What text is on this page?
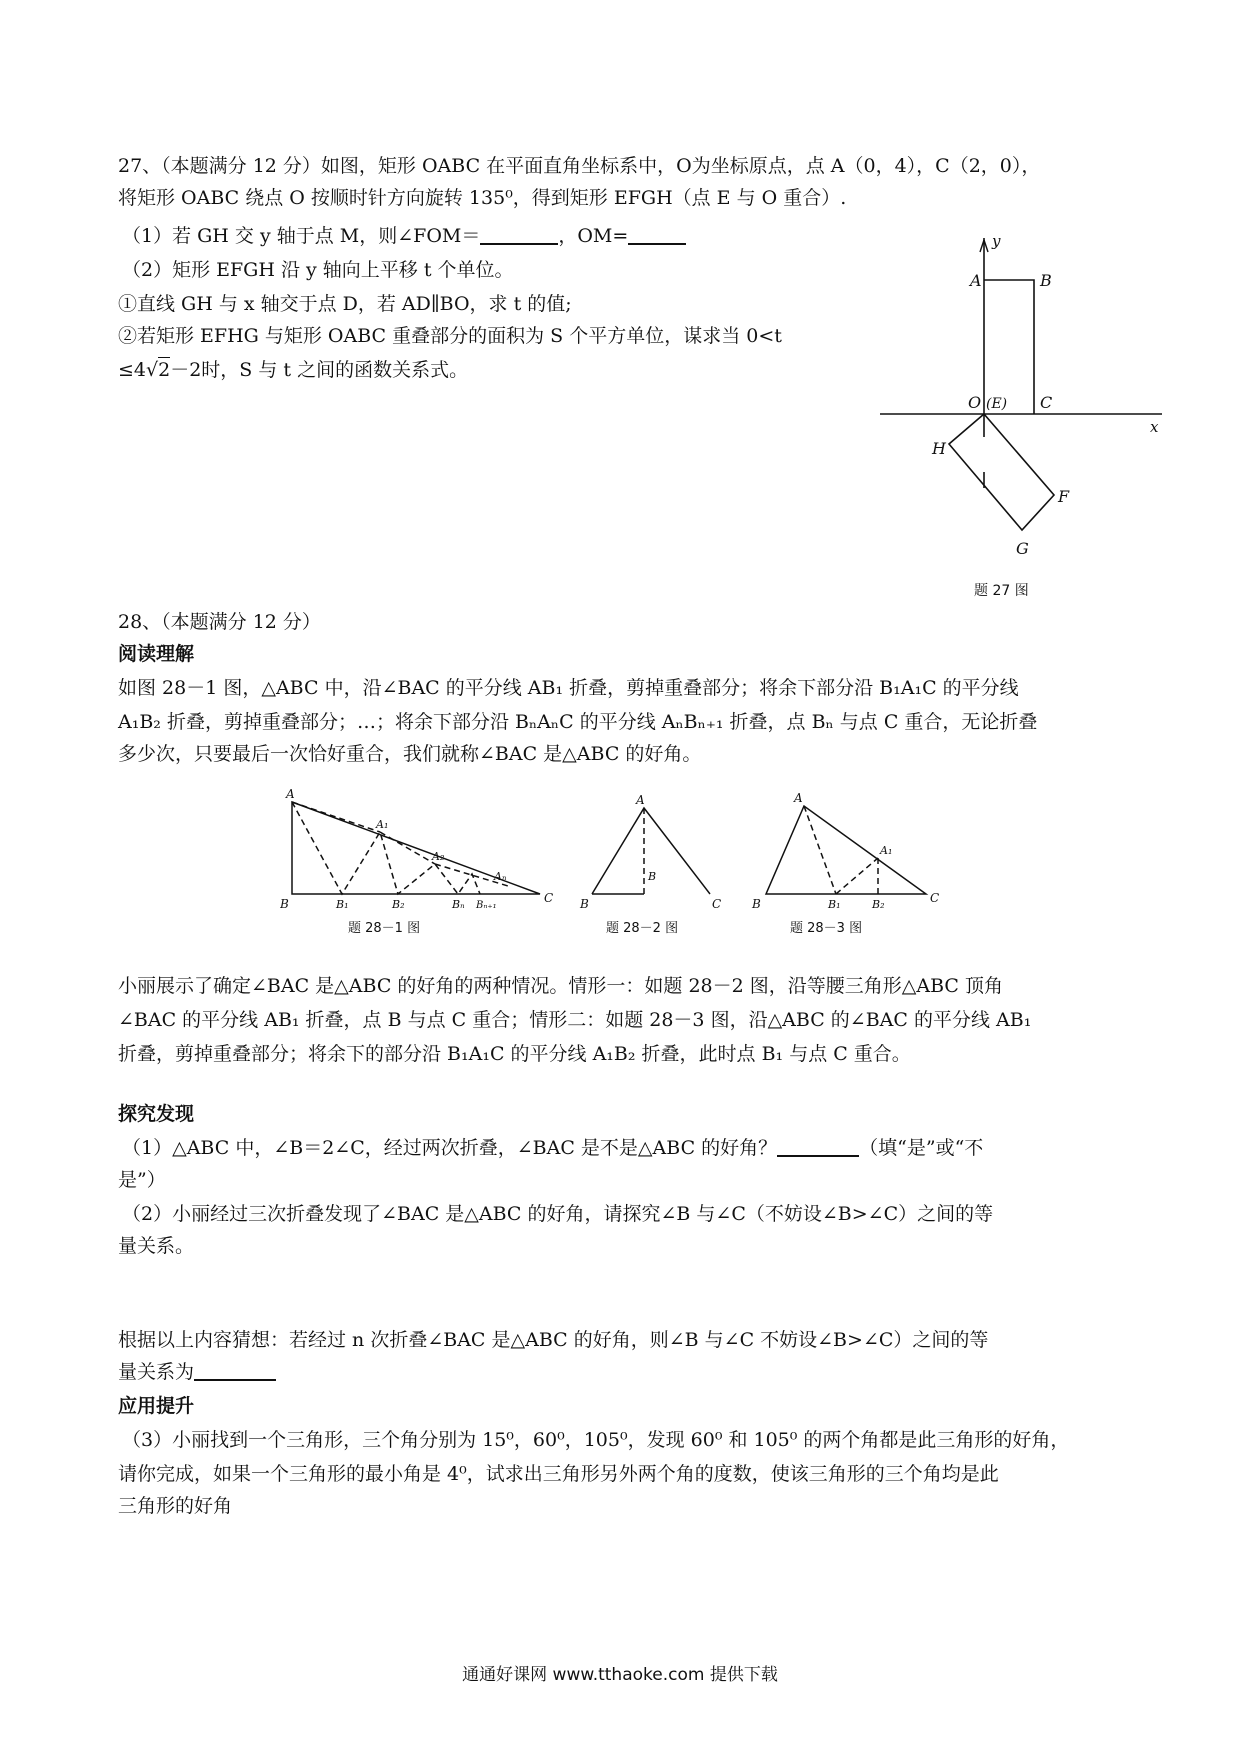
27、（本题满分 12 分）如图，矩形 OABC 在平面直角坐标系中，O为坐标原点，点 A（0，4），C（2，0），
将矩形 OABC 绕点 O 按顺时针方向旋转 135⁰，得到矩形 EFGH（点 E 与 O 重合）.
（1）若 GH 交 y 轴于点 M，则∠FOM＝	，OM=
（2）矩形 EFGH 沿 y 轴向上平移 t 个单位。
①直线 GH 与 x 轴交于点 D，若 AD∥BO，求 t 的值;
②若矩形 EFHG 与矩形 OABC 重叠部分的面积为 S 个平方单位，谋求当 0<t
≤4√2－2时，S 与 t 之间的函数关系式。
y
x
A	B
O (E) C
H
F
G
题 27 图
28、（本题满分 12 分）
阅读理解
如图 28－1 图，△ABC 中，沿∠BAC 的平分线 AB₁ 折叠，剪掉重叠部分；将余下部分沿 B₁A₁C 的平分线
A₁B₂ 折叠，剪掉重叠部分；…；将余下部分沿 BₙAₙC 的平分线 AₙBₙ₊₁ 折叠，点 Bₙ 与点 C 重合，无论折叠
多少次，只要最后一次恰好重合，我们就称∠BAC 是△ABC 的好角。
A
B	C
A₁
A₂
Aₙ
B₁	B₂	Bₙ Bₙ₊₁
题 28－1 图
A
B	C
B
题 28－2 图
A
B	C
A₁
B₁	B₂
题 28－3 图
小丽展示了确定∠BAC 是△ABC 的好角的两种情况。情形一：如题 28－2 图，沿等腰三角形△ABC 顶角
∠BAC 的平分线 AB₁ 折叠，点 B 与点 C 重合；情形二：如题 28－3 图，沿△ABC 的∠BAC 的平分线 AB₁
折叠，剪掉重叠部分；将余下的部分沿 B₁A₁C 的平分线 A₁B₂ 折叠，此时点 B₁ 与点 C 重合。
探究发现
（1）△ABC 中，∠B＝2∠C，经过两次折叠，∠BAC 是不是△ABC 的好角？	（填“是”或“不
是”）
（2）小丽经过三次折叠发现了∠BAC 是△ABC 的好角，请探究∠B 与∠C（不妨设∠B>∠C）之间的等
量关系。
根据以上内容猜想：若经过 n 次折叠∠BAC 是△ABC 的好角，则∠B 与∠C 不妨设∠B>∠C）之间的等
量关系为
应用提升
（3）小丽找到一个三角形，三个角分别为 15⁰，60⁰，105⁰，发现 60⁰ 和 105⁰ 的两个角都是此三角形的好角，
请你完成，如果一个三角形的最小角是 4⁰，试求出三角形另外两个角的度数，使该三角形的三个角均是此
三角形的好角
通通好课网 www.tthaoke.com 提供下载
